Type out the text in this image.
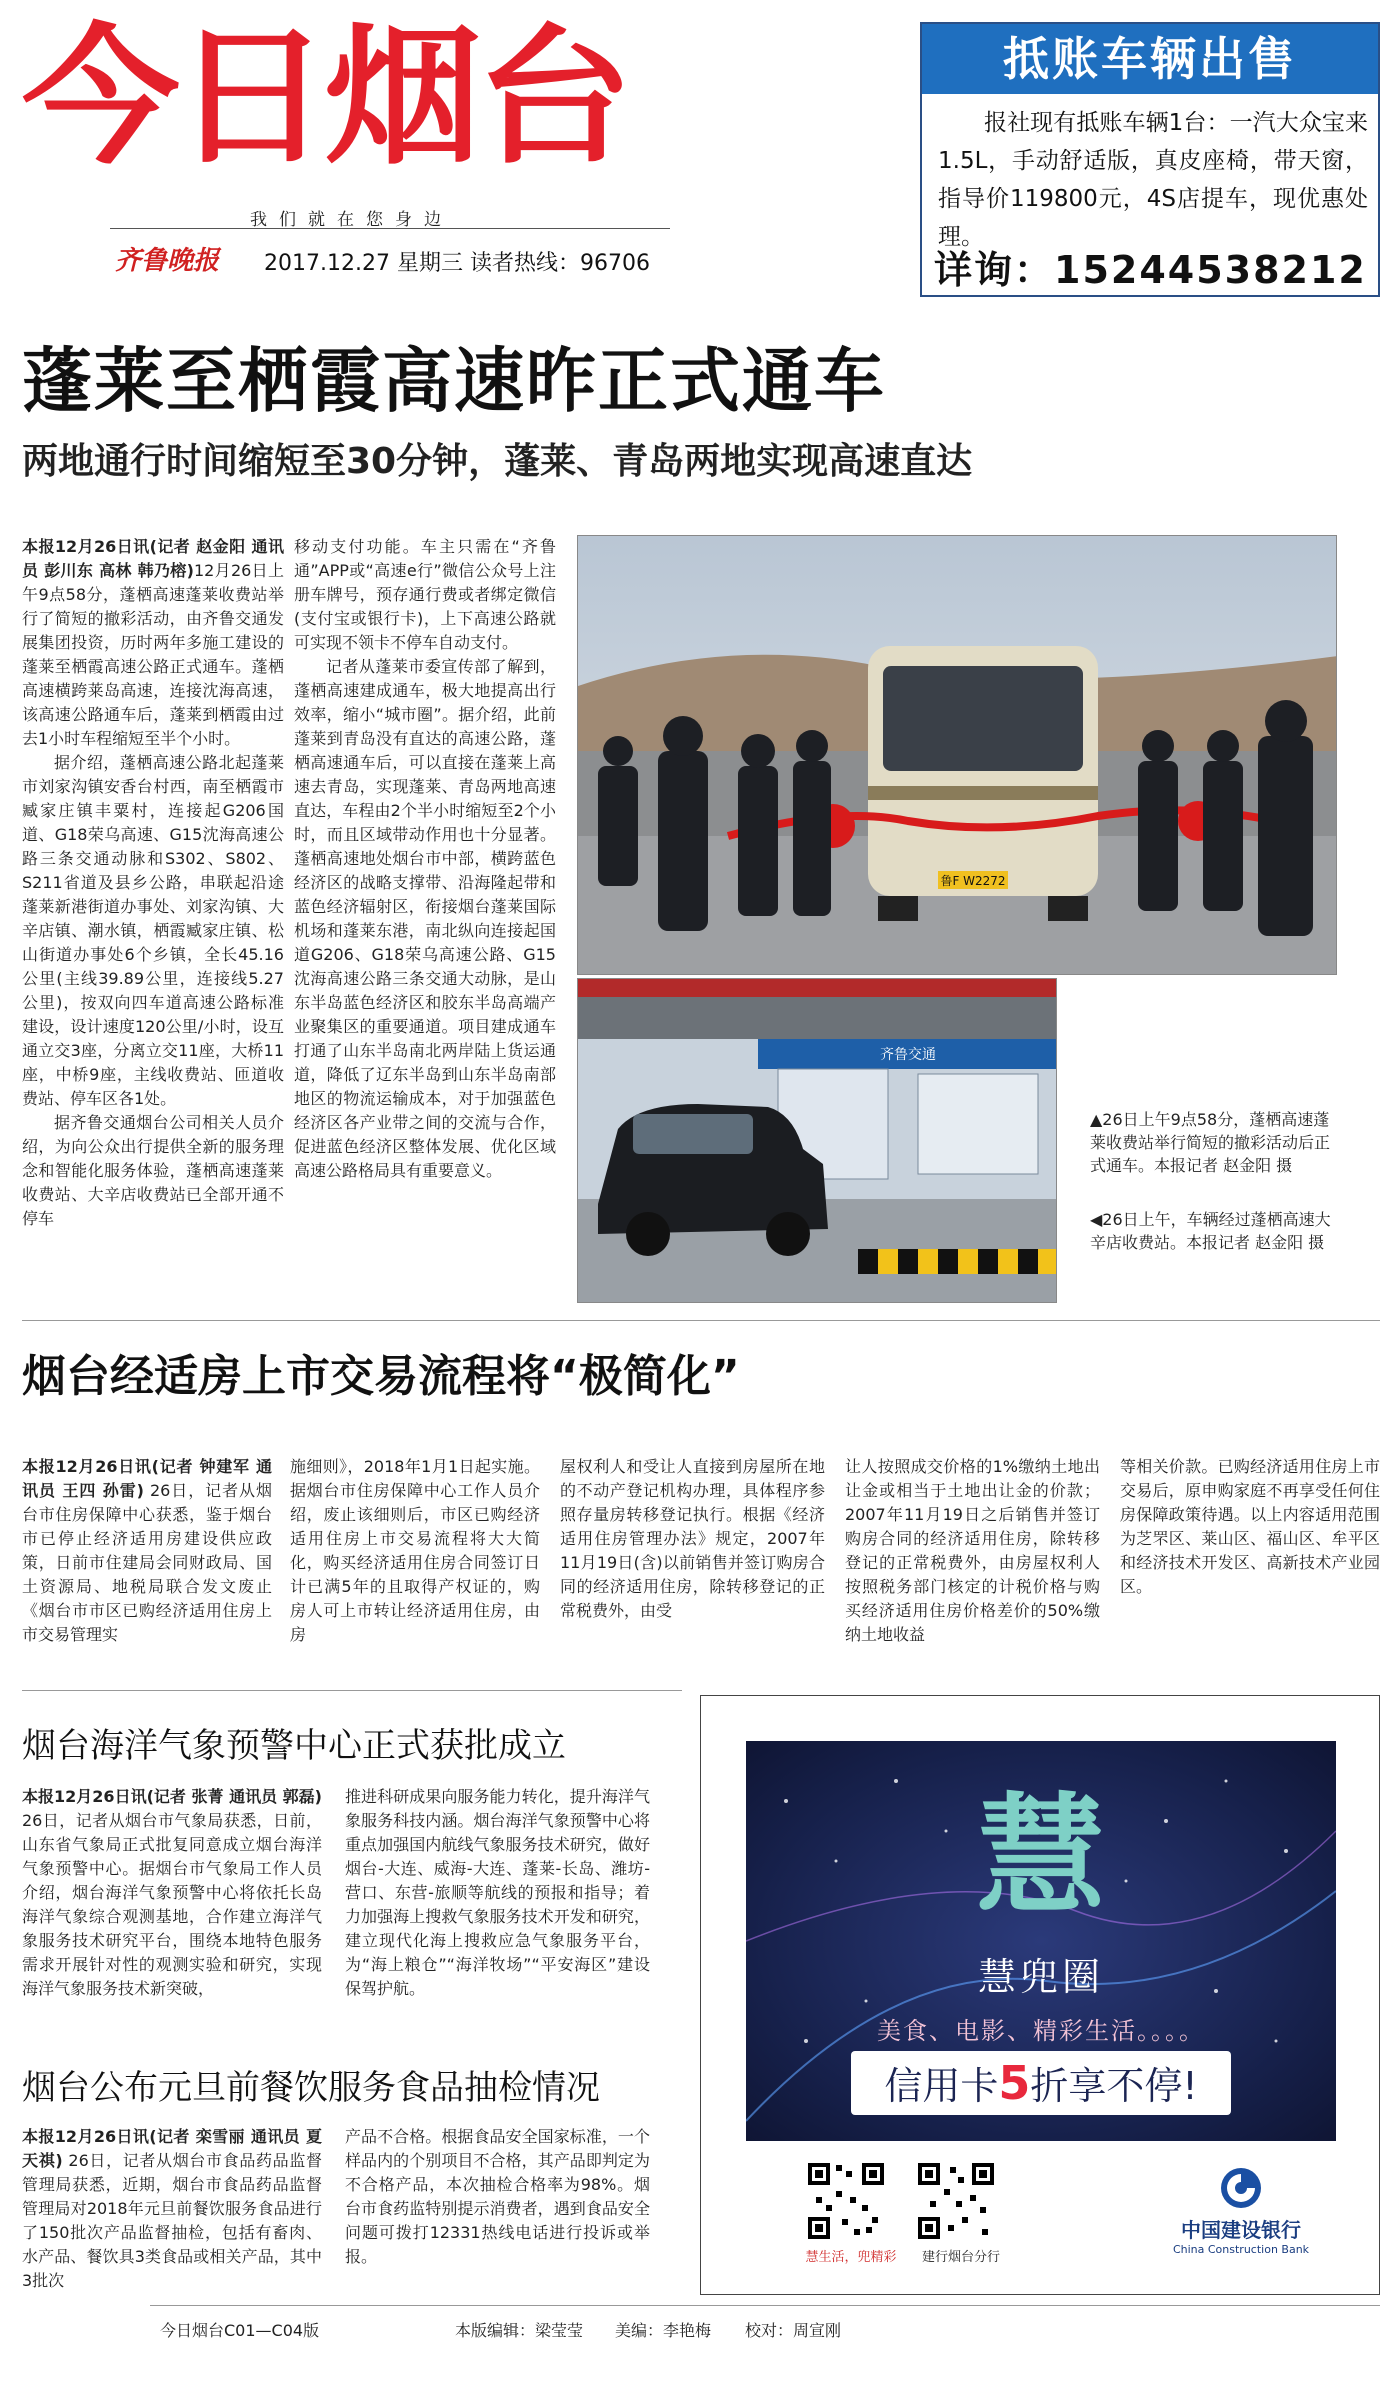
今日烟台
我们就在您身边
齐鲁晚报 2017.12.27 星期三 读者热线：96706
抵账车辆出售
报社现有抵账车辆1台：一汽大众宝来1.5L，手动舒适版，真皮座椅，带天窗，指导价119800元，4S店提车，现优惠处理。
详询：15244538212
蓬莱至栖霞高速昨正式通车
两地通行时间缩短至30分钟，蓬莱、青岛两地实现高速直达

本报12月26日讯(记者 赵金阳 通讯员 彭川东 高林 韩乃榕)12月26日上午9点58分，蓬栖高速蓬莱收费站举行了简短的撤彩活动，由齐鲁交通发展集团投资，历时两年多施工建设的蓬莱至栖霞高速公路正式通车。蓬栖高速横跨莱岛高速，连接沈海高速，该高速公路通车后，蓬莱到栖霞由过去1小时车程缩短至半个小时。

据介绍，蓬栖高速公路北起蓬莱市刘家沟镇安香台村西，南至栖霞市臧家庄镇丰粟村，连接起G206国道、G18荣乌高速、G15沈海高速公路三条交通动脉和S302、S802、S211省道及县乡公路，串联起沿途蓬莱新港街道办事处、刘家沟镇、大辛店镇、潮水镇，栖霞臧家庄镇、松山街道办事处6个乡镇，全长45.16公里(主线39.89公里，连接线5.27公里)，按双向四车道高速公路标准建设，设计速度120公里/小时，设互通立交3座，分离立交11座，大桥11座，中桥9座，主线收费站、匝道收费站、停车区各1处。

据齐鲁交通烟台公司相关人员介绍，为向公众出行提供全新的服务理念和智能化服务体验，蓬栖高速蓬莱收费站、大辛店收费站已全部开通不停车

移动支付功能。车主只需在“齐鲁通”APP或“高速e行”微信公众号上注册车牌号，预存通行费或者绑定微信(支付宝或银行卡)，上下高速公路就可实现不领卡不停车自动支付。

记者从蓬莱市委宣传部了解到，蓬栖高速建成通车，极大地提高出行效率，缩小“城市圈”。据介绍，此前蓬莱到青岛没有直达的高速公路，蓬栖高速通车后，可以直接在蓬莱上高速去青岛，实现蓬莱、青岛两地高速直达，车程由2个半小时缩短至2个小时，而且区域带动作用也十分显著。蓬栖高速地处烟台市中部，横跨蓝色经济区的战略支撑带、沿海隆起带和蓝色经济辐射区，衔接烟台蓬莱国际机场和蓬莱东港，南北纵向连接起国道G206、G18荣乌高速公路、G15沈海高速公路三条交通大动脉，是山东半岛蓝色经济区和胶东半岛高端产业聚集区的重要通道。项目建成通车打通了山东半岛南北两岸陆上货运通道，降低了辽东半岛到山东半岛南部地区的物流运输成本，对于加强蓝色经济区各产业带之间的交流与合作，促进蓝色经济区整体发展、优化区域高速公路格局具有重要意义。

鲁F W2272
齐鲁交通
▲26日上午9点58分，蓬栖高速蓬莱收费站举行简短的撤彩活动后正式通车。本报记者 赵金阳 摄
◀26日上午，车辆经过蓬栖高速大辛店收费站。本报记者 赵金阳 摄
烟台经适房上市交易流程将“极简化”

本报12月26日讯(记者 钟建军 通讯员 王四 孙雷) 26日，记者从烟台市住房保障中心获悉，鉴于烟台市已停止经济适用房建设供应政策，日前市住建局会同财政局、国土资源局、地税局联合发文废止《烟台市市区已购经济适用住房上市交易管理实

施细则》，2018年1月1日起实施。据烟台市住房保障中心工作人员介绍，废止该细则后，市区已购经济适用住房上市交易流程将大大简化，购买经济适用住房合同签订日计已满5年的且取得产权证的，购房人可上市转让经济适用住房，由房
屋权利人和受让人直接到房屋所在地的不动产登记机构办理，具体程序参照存量房转移登记执行。根据《经济适用住房管理办法》规定，2007年11月19日(含)以前销售并签订购房合同的经济适用住房，除转移登记的正常税费外，由受
让人按照成交价格的1%缴纳土地出让金或相当于土地出让金的价款；2007年11月19日之后销售并签订购房合同的经济适用住房，除转移登记的正常税费外，由房屋权利人按照税务部门核定的计税价格与购买经济适用住房价格差价的50%缴纳土地收益
等相关价款。已购经济适用住房上市交易后，原申购家庭不再享受任何住房保障政策待遇。以上内容适用范围为芝罘区、莱山区、福山区、牟平区和经济技术开发区、高新技术产业园区。
烟台海洋气象预警中心正式获批成立

本报12月26日讯(记者 张菁 通讯员 郭磊) 26日，记者从烟台市气象局获悉，日前，山东省气象局正式批复同意成立烟台海洋气象预警中心。据烟台市气象局工作人员介绍，烟台海洋气象预警中心将依托长岛海洋气象综合观测基地，合作建立海洋气象服务技术研究平台，围绕本地特色服务需求开展针对性的观测实验和研究，实现海洋气象服务技术新突破，

推进科研成果向服务能力转化，提升海洋气象服务科技内涵。烟台海洋气象预警中心将重点加强国内航线气象服务技术研究，做好烟台-大连、威海-大连、蓬莱-长岛、潍坊-营口、东营-旅顺等航线的预报和指导；着力加强海上搜救气象服务技术开发和研究，建立现代化海上搜救应急气象服务平台，为“海上粮仓”“海洋牧场”“平安海区”建设保驾护航。
烟台公布元旦前餐饮服务食品抽检情况

本报12月26日讯(记者 栾雪丽 通讯员 夏天祺) 26日，记者从烟台市食品药品监督管理局获悉，近期，烟台市食品药品监督管理局对2018年元旦前餐饮服务食品进行了150批次产品监督抽检，包括有畜肉、水产品、餐饮具3类食品或相关产品，其中3批次

产品不合格。根据食品安全国家标准，一个样品内的个别项目不合格，其产品即判定为不合格产品，本次抽检合格率为98%。烟台市食药监特别提示消费者，遇到食品安全问题可拨打12331热线电话进行投诉或举报。
慧
慧兜圈
美食、电影、精彩生活。。。。
信用卡5折享不停!
慧生活，兜精彩	建行烟台分行
中国建设银行
China Construction Bank
今日烟台C01—C04版	本版编辑：梁莹莹 美编：李艳梅 校对：周宣刚
